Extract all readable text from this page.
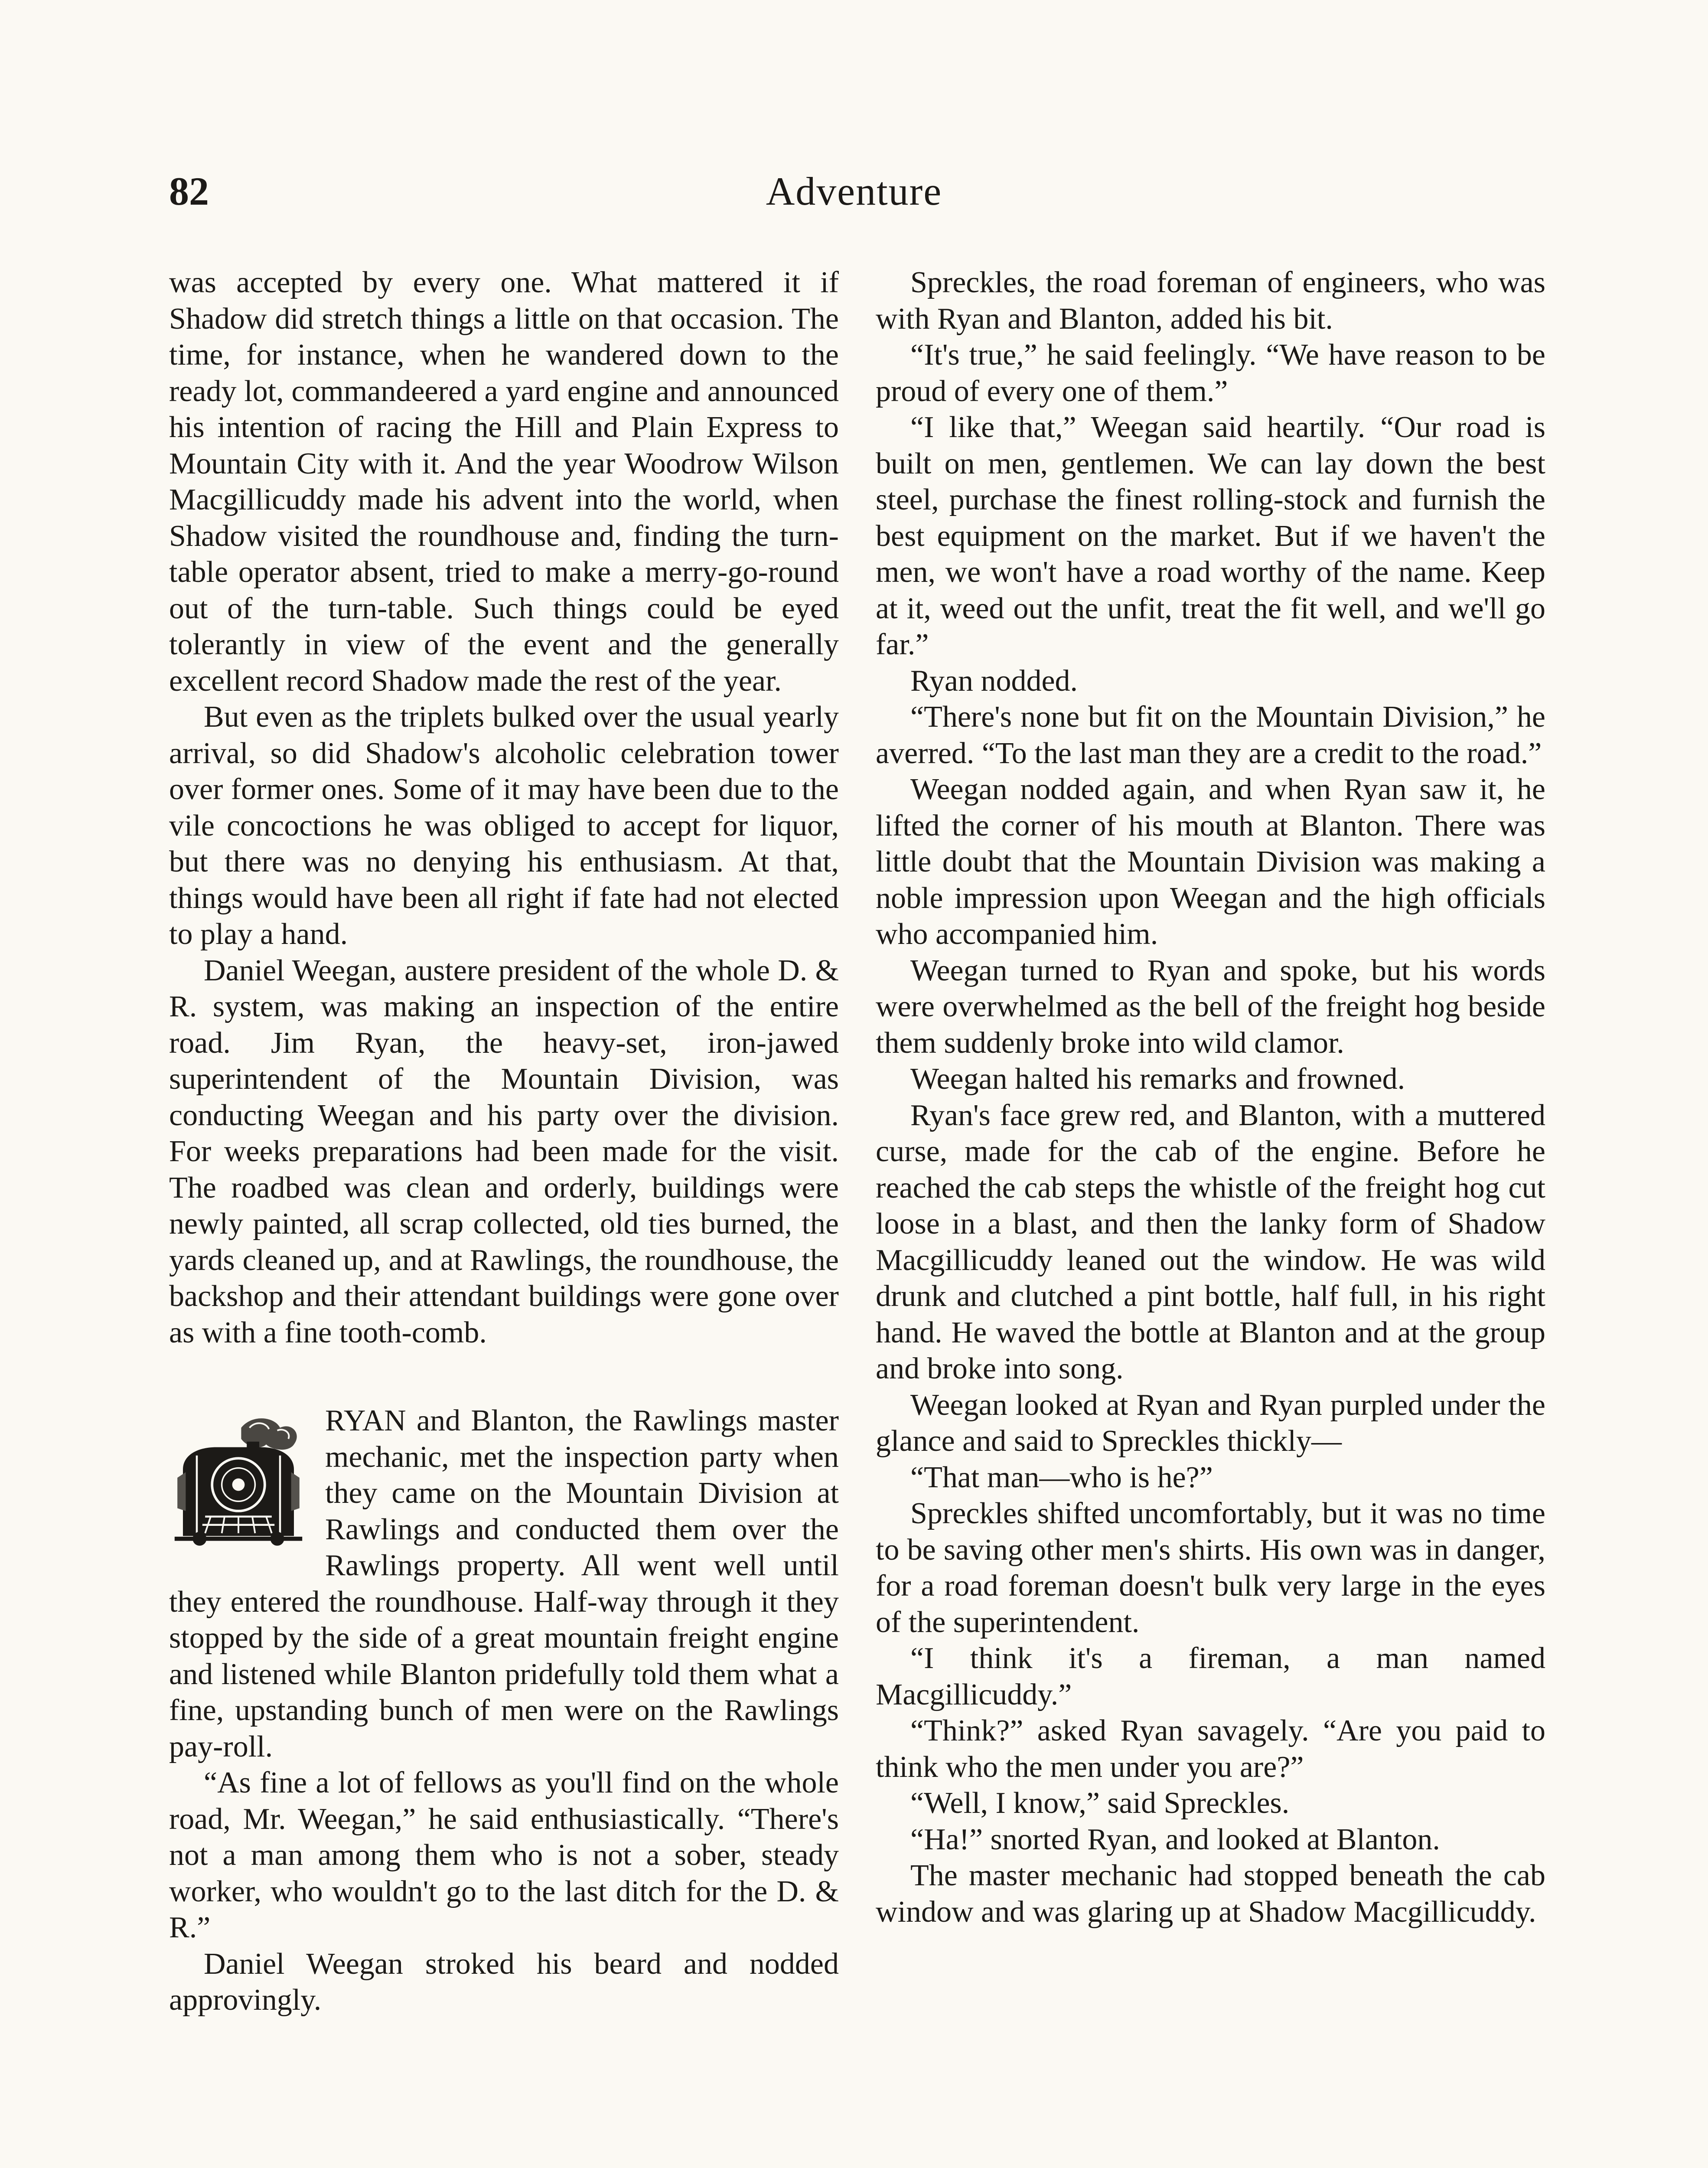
82	Adventure

was accepted by every one. What mattered it if Shadow did stretch things a little on that occasion. The time, for instance, when he wandered down to the ready lot, commandeered a yard engine and announced his intention of racing the Hill and Plain Express to Mountain City with it. And the year Woodrow Wilson Macgillicuddy made his advent into the world, when Shadow visited the roundhouse and, finding the turn-table operator absent, tried to make a merry-go-round out of the turn-table. Such things could be eyed tolerantly in view of the event and the generally excellent record Shadow made the rest of the year.

But even as the triplets bulked over the usual yearly arrival, so did Shadow's alcoholic celebration tower over former ones. Some of it may have been due to the vile concoctions he was obliged to accept for liquor, but there was no denying his enthusiasm. At that, things would have been all right if fate had not elected to play a hand.

Daniel Weegan, austere president of the whole D. & R. system, was making an inspection of the entire road. Jim Ryan, the heavy-set, iron-jawed superintendent of the Mountain Division, was conducting Weegan and his party over the division. For weeks preparations had been made for the visit. The roadbed was clean and orderly, buildings were newly painted, all scrap collected, old ties burned, the yards cleaned up, and at Rawlings, the roundhouse, the backshop and their attendant buildings were gone over as with a fine tooth-comb.

RYAN and Blanton, the Rawlings master mechanic, met the inspection party when they came on the Mountain Division at Rawlings and conducted them over the Rawlings property. All went well until they entered the roundhouse. Half-way through it they stopped by the side of a great mountain freight engine and listened while Blanton pridefully told them what a fine, upstanding bunch of men were on the Rawlings pay-roll.

“As fine a lot of fellows as you'll find on the whole road, Mr. Weegan,” he said enthusiastically. “There's not a man among them who is not a sober, steady worker, who wouldn't go to the last ditch for the D. & R.”

Daniel Weegan stroked his beard and nodded approvingly.

Spreckles, the road foreman of engineers, who was with Ryan and Blanton, added his bit.

“It's true,” he said feelingly. “We have reason to be proud of every one of them.”

“I like that,” Weegan said heartily. “Our road is built on men, gentlemen. We can lay down the best steel, purchase the finest rolling-stock and furnish the best equipment on the market. But if we haven't the men, we won't have a road worthy of the name. Keep at it, weed out the unfit, treat the fit well, and we'll go far.”

Ryan nodded.

“There's none but fit on the Mountain Division,” he averred. “To the last man they are a credit to the road.”

Weegan nodded again, and when Ryan saw it, he lifted the corner of his mouth at Blanton. There was little doubt that the Mountain Division was making a noble impression upon Weegan and the high officials who accompanied him.

Weegan turned to Ryan and spoke, but his words were overwhelmed as the bell of the freight hog beside them suddenly broke into wild clamor.

Weegan halted his remarks and frowned.

Ryan's face grew red, and Blanton, with a muttered curse, made for the cab of the engine. Before he reached the cab steps the whistle of the freight hog cut loose in a blast, and then the lanky form of Shadow Macgillicuddy leaned out the window. He was wild drunk and clutched a pint bottle, half full, in his right hand. He waved the bottle at Blanton and at the group and broke into song.

Weegan looked at Ryan and Ryan purpled under the glance and said to Spreckles thickly—

“That man—who is he?”

Spreckles shifted uncomfortably, but it was no time to be saving other men's shirts. His own was in danger, for a road foreman doesn't bulk very large in the eyes of the superintendent.

“I think it's a fireman, a man named Macgillicuddy.”

“Think?” asked Ryan savagely. “Are you paid to think who the men under you are?”

“Well, I know,” said Spreckles.

“Ha!” snorted Ryan, and looked at Blanton.

The master mechanic had stopped beneath the cab window and was glaring up at Shadow Macgillicuddy.
